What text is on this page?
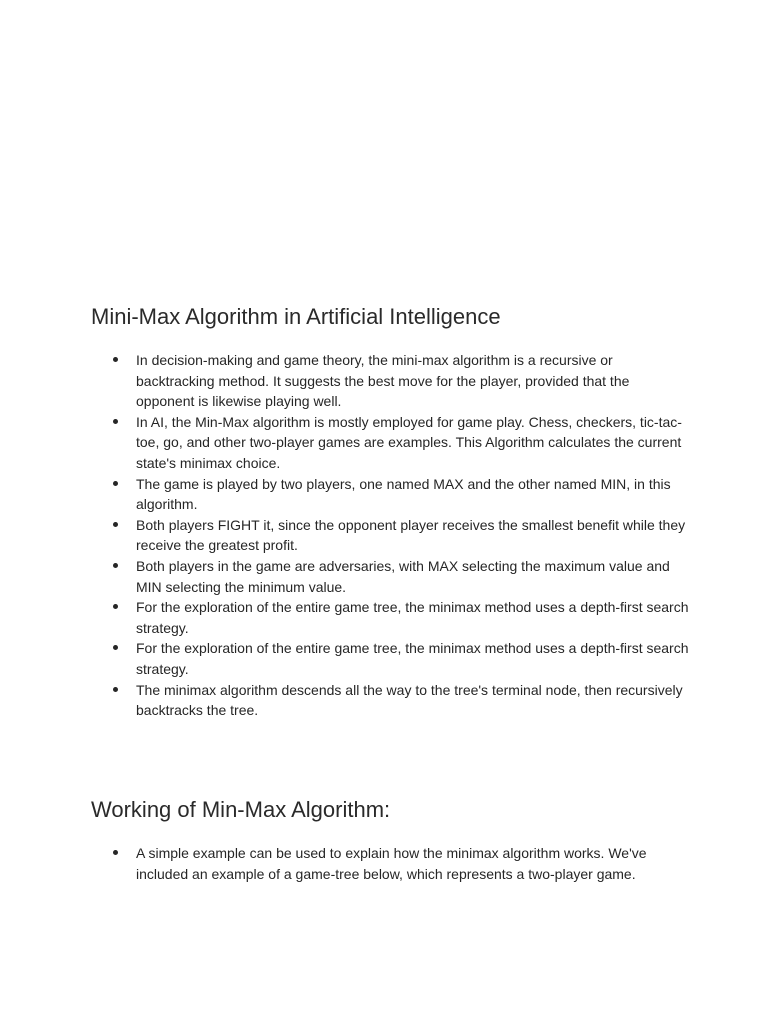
Mini-Max Algorithm in Artificial Intelligence
In decision-making and game theory, the mini-max algorithm is a recursive or backtracking method. It suggests the best move for the player, provided that the opponent is likewise playing well.
In AI, the Min-Max algorithm is mostly employed for game play. Chess, checkers, tic-tac-toe, go, and other two-player games are examples. This Algorithm calculates the current state's minimax choice.
The game is played by two players, one named MAX and the other named MIN, in this algorithm.
Both players FIGHT it, since the opponent player receives the smallest benefit while they receive the greatest profit.
Both players in the game are adversaries, with MAX selecting the maximum value and MIN selecting the minimum value.
For the exploration of the entire game tree, the minimax method uses a depth-first search strategy.
For the exploration of the entire game tree, the minimax method uses a depth-first search strategy.
The minimax algorithm descends all the way to the tree's terminal node, then recursively backtracks the tree.
Working of Min-Max Algorithm:
A simple example can be used to explain how the minimax algorithm works. We've included an example of a game-tree below, which represents a two-player game.
